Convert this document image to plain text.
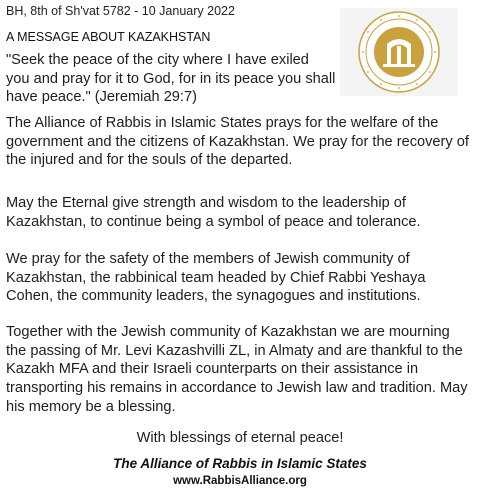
BH, 8th of Sh'vat 5782 - 10 January 2022
A MESSAGE ABOUT KAZAKHSTAN

"Seek the peace of the city where I have exiled you and pray for it to God, for in its peace you shall have peace." (Jeremiah 29:7)

The Alliance of Rabbis in Islamic States prays for the welfare of the government and the citizens of Kazakhstan. We pray for the recovery of the injured and for the souls of the departed.

May the Eternal give strength and wisdom to the leadership of Kazakhstan, to continue being a symbol of peace and tolerance.

We pray for the safety of the members of Jewish community of Kazakhstan, the rabbinical team headed by Chief Rabbi Yeshaya Cohen, the community leaders, the synagogues and institutions.

Together with the Jewish community of Kazakhstan we are mourning the passing of Mr. Levi Kazashvilli ZL, in Almaty and are thankful to the Kazakh MFA and their Israeli counterparts on their assistance in transporting his remains in accordance to Jewish law and tradition. May his memory be a blessing.

With blessings of eternal peace!
The Alliance of Rabbis in Islamic States
www.RabbisAlliance.org
